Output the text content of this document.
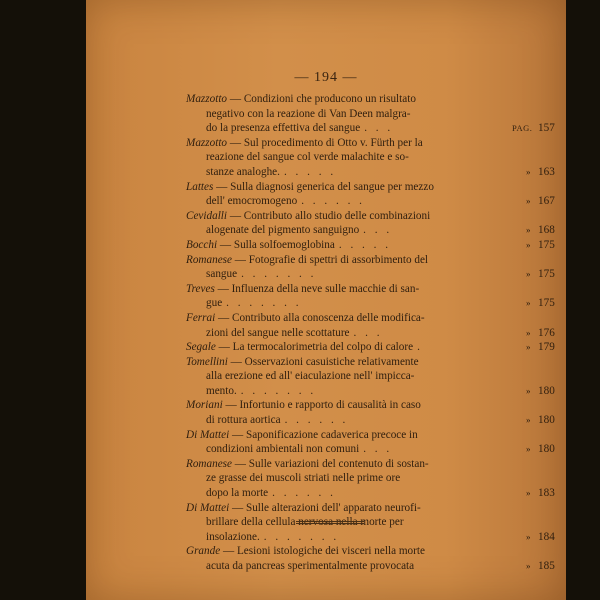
— 194 —
Mazzotto — Condizioni che producono un risultato
negativo con la reazione di Van Deen malgra-
do la presenza effettiva del sangue . . .	PAG. 157
Mazzotto — Sul procedimento di Otto v. Fürth per la
reazione del sangue col verde malachite e so-
stanze analoghe. . . . . .	» 163
Lattes — Sulla diagnosi generica del sangue per mezzo
dell' emocromogeno . . . . . .	» 167
Cevidalli — Contributo allo studio delle combinazioni
alogenate del pigmento sanguigno . . .	» 168
Bocchi — Sulla solfoemoglobina . . . . .	» 175
Romanese — Fotografie di spettri di assorbimento del
sangue . . . . . . .	» 175
Treves — Influenza della neve sulle macchie di san-
gue . . . . . . .	» 175
Ferrai — Contributo alla conoscenza delle modifica-
zioni del sangue nelle scottature . . .	» 176
Segale — La termocalorimetria del colpo di calore .	» 179
Tomellini — Osservazioni casuistiche relativamente
alla erezione ed all' eiaculazione nell' impicca-
mento. . . . . . . .	» 180
Moriani — Infortunio e rapporto di causalità in caso
di rottura aortica . . . . . .	» 180
Di Mattei — Saponificazione cadaverica precoce in
condizioni ambientali non comuni . . .	» 180
Romanese — Sulle variazioni del contenuto di sostan-
ze grasse dei muscoli striati nelle prime ore
dopo la morte . . . . . .	» 183
Di Mattei — Sulle alterazioni dell' apparato neurofi-
brillare della cellula nervosa nella morte per
insolazione. . . . . . . .	» 184
Grande — Lesioni istologiche dei visceri nella morte
acuta da pancreas sperimentalmente provocata	» 185
